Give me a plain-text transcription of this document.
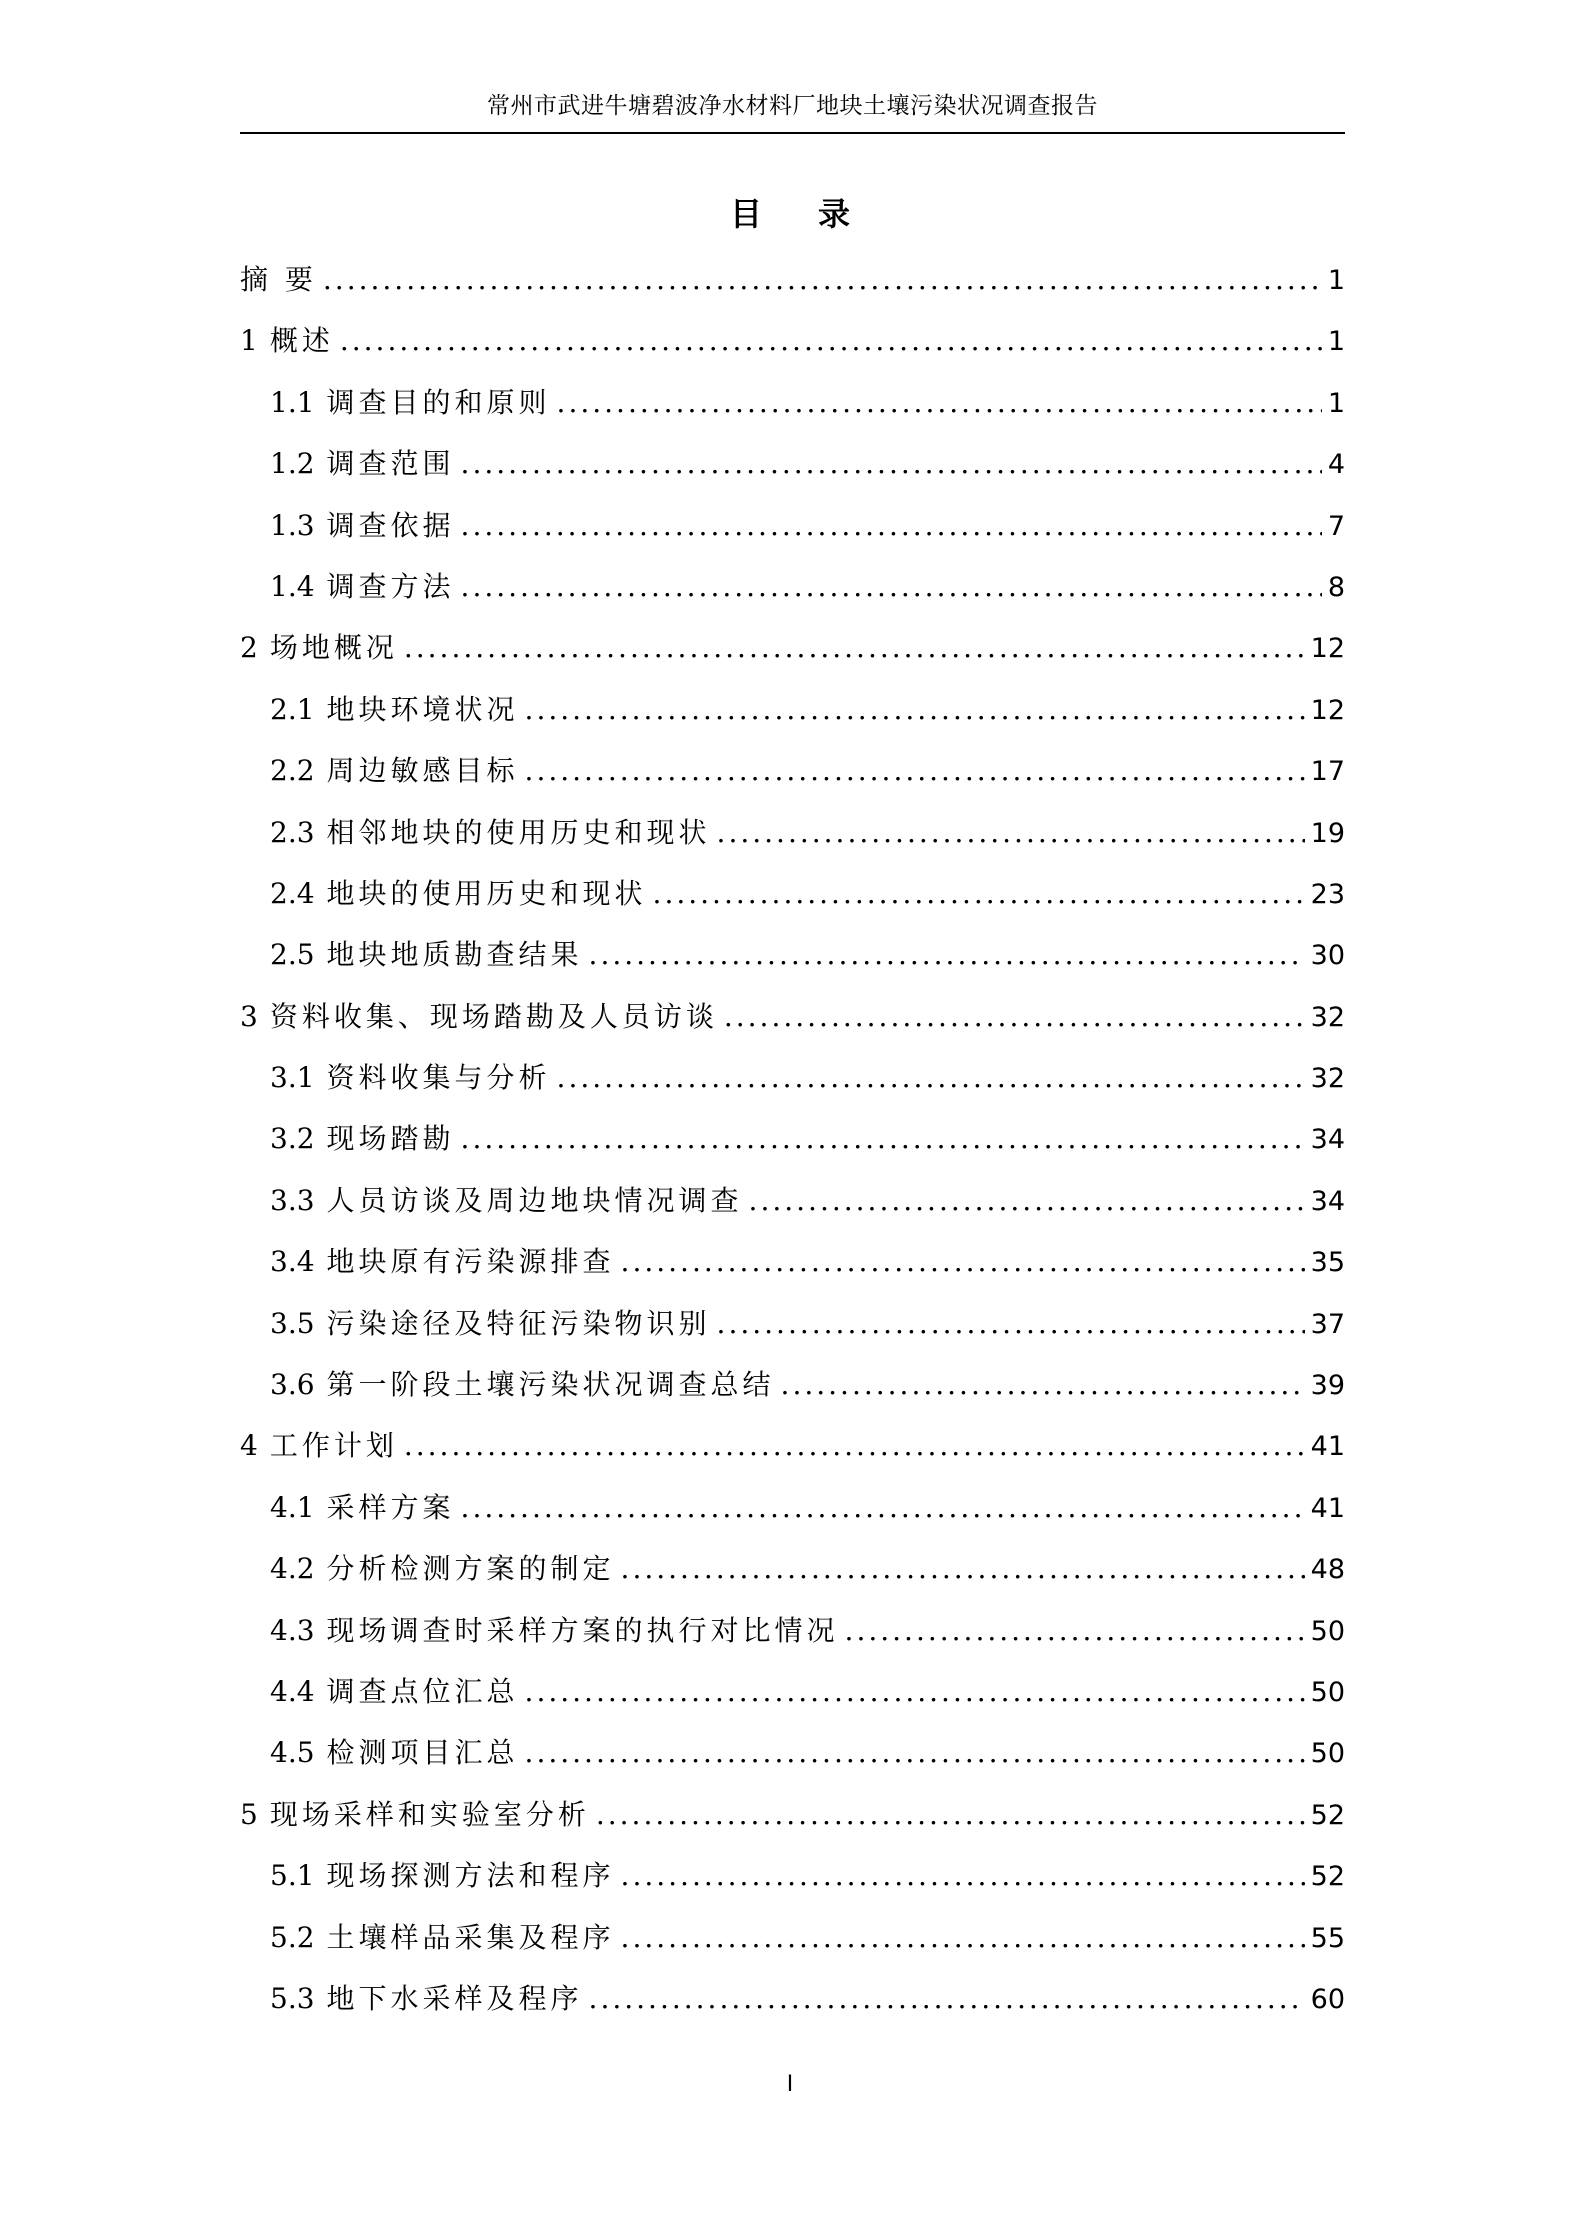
常州市武进牛塘碧波净水材料厂地块土壤污染状况调查报告
目 录
摘 要 .....	1
1 概述 .....	1
1.1 调查目的和原则 .....	1
1.2 调查范围 .....	4
1.3 调查依据 .....	7
1.4 调查方法 .....	8
2 场地概况 .....	12
2.1 地块环境状况 .....	12
2.2 周边敏感目标 .....	17
2.3 相邻地块的使用历史和现状 .....	19
2.4 地块的使用历史和现状 .....	23
2.5 地块地质勘查结果 .....	30
3 资料收集、现场踏勘及人员访谈 .....	32
3.1 资料收集与分析 .....	32
3.2 现场踏勘 .....	34
3.3 人员访谈及周边地块情况调查 .....	34
3.4 地块原有污染源排查 .....	35
3.5 污染途径及特征污染物识别 .....	37
3.6 第一阶段土壤污染状况调查总结 .....	39
4 工作计划 .....	41
4.1 采样方案 .....	41
4.2 分析检测方案的制定 .....	48
4.3 现场调查时采样方案的执行对比情况 .....	50
4.4 调查点位汇总 .....	50
4.5 检测项目汇总 .....	50
5 现场采样和实验室分析 .....	52
5.1 现场探测方法和程序 .....	52
5.2 土壤样品采集及程序 .....	55
5.3 地下水采样及程序 .....	60
I
